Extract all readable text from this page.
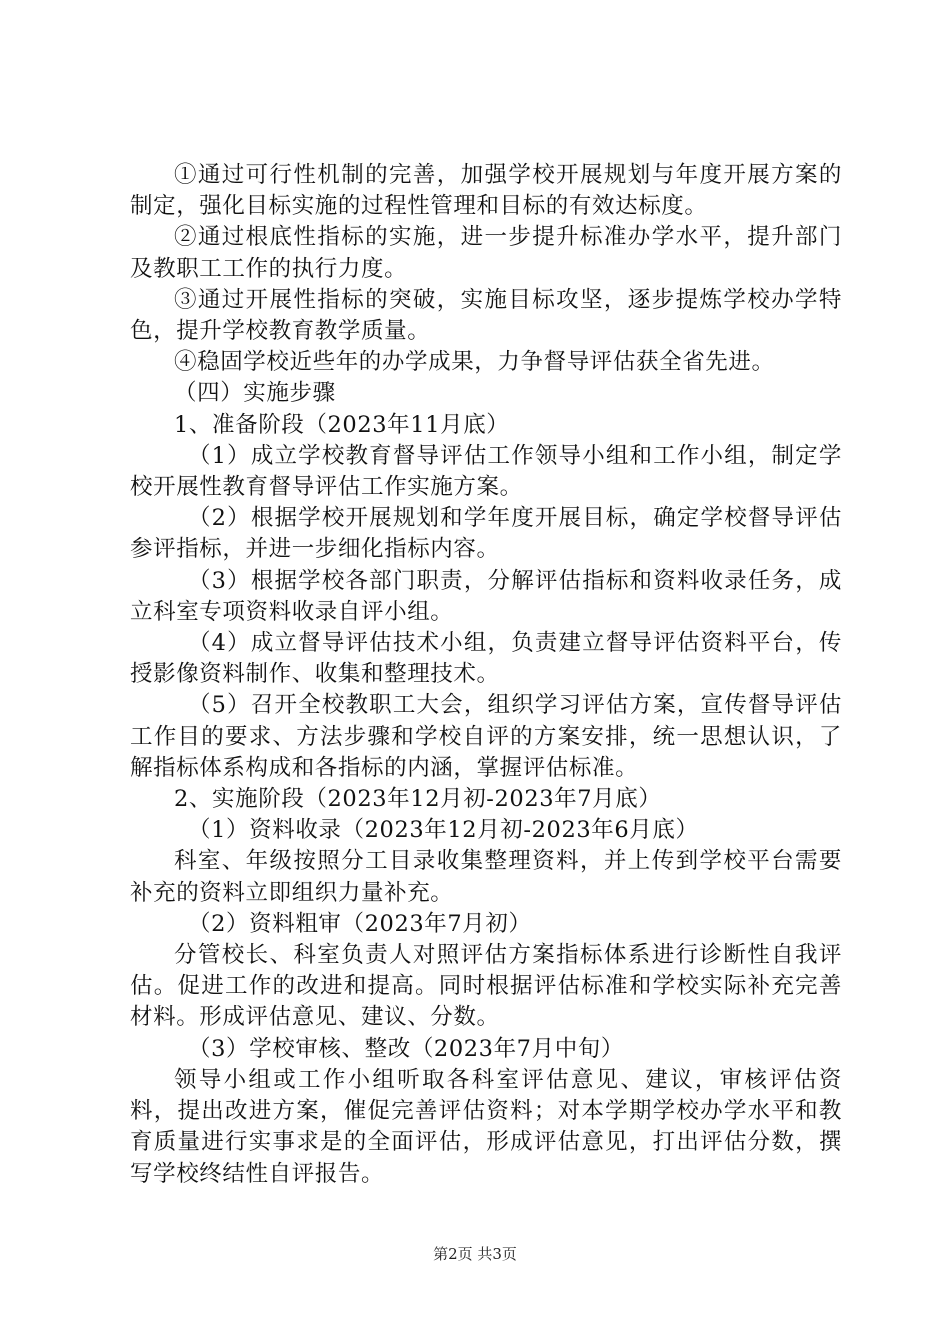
①通过可行性机制的完善，加强学校开展规划与年度开展方案的制定，强化目标实施的过程性管理和目标的有效达标度。

②通过根底性指标的实施，进一步提升标准办学水平，提升部门及教职工工作的执行力度。

③通过开展性指标的突破，实施目标攻坚，逐步提炼学校办学特色，提升学校教育教学质量。

④稳固学校近些年的办学成果，力争督导评估获全省先进。

（四）实施步骤

1、准备阶段（2023年11月底）

（1）成立学校教育督导评估工作领导小组和工作小组，制定学校开展性教育督导评估工作实施方案。

（2）根据学校开展规划和学年度开展目标，确定学校督导评估参评指标，并进一步细化指标内容。

（3）根据学校各部门职责，分解评估指标和资料收录任务，成立科室专项资料收录自评小组。

（4）成立督导评估技术小组，负责建立督导评估资料平台，传授影像资料制作、收集和整理技术。

（5）召开全校教职工大会，组织学习评估方案，宣传督导评估工作目的要求、方法步骤和学校自评的方案安排，统一思想认识，了解指标体系构成和各指标的内涵，掌握评估标准。

2、实施阶段（2023年12月初-2023年7月底）

（1）资料收录（2023年12月初-2023年6月底）

科室、年级按照分工目录收集整理资料，并上传到学校平台需要补充的资料立即组织力量补充。

（2）资料粗审（2023年7月初）

分管校长、科室负责人对照评估方案指标体系进行诊断性自我评估。促进工作的改进和提高。同时根据评估标准和学校实际补充完善材料。形成评估意见、建议、分数。

（3）学校审核、整改（2023年7月中旬）

领导小组或工作小组听取各科室评估意见、建议，审核评估资料，提出改进方案，催促完善评估资料；对本学期学校办学水平和教育质量进行实事求是的全面评估，形成评估意见，打出评估分数，撰写学校终结性自评报告。

第2页 共3页
